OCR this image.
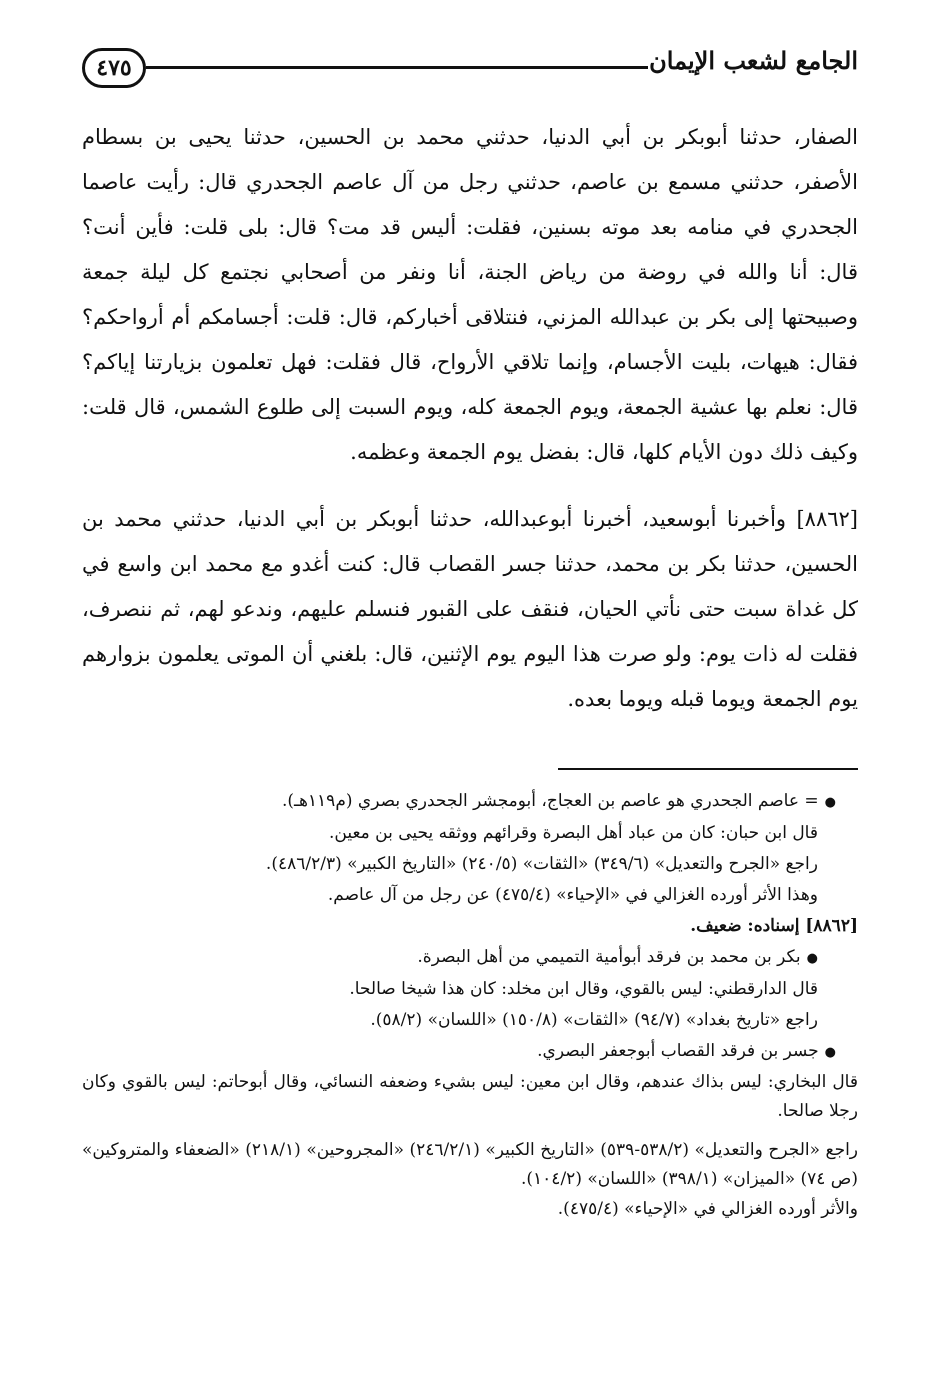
٤٧٥	الجامع لشعب الإيمان

الصفار، حدثنا أبوبكر بن أبي الدنيا، حدثني محمد بن الحسين، حدثنا يحيى بن بسطام الأصفر، حدثني مسمع بن عاصم، حدثني رجل من آل عاصم الجحدري قال: رأيت عاصما الجحدري في منامه بعد موته بسنين، فقلت: أليس قد مت؟ قال: بلى قلت: فأين أنت؟ قال: أنا والله في روضة من رياض الجنة، أنا ونفر من أصحابي نجتمع كل ليلة جمعة وصبيحتها إلى بكر بن عبدالله المزني، فنتلاقى أخباركم، قال: قلت: أجسامكم أم أرواحكم؟ فقال: هيهات، بليت الأجسام، وإنما تلاقي الأرواح، قال فقلت: فهل تعلمون بزيارتنا إياكم؟ قال: نعلم بها عشية الجمعة، ويوم الجمعة كله، ويوم السبت إلى طلوع الشمس، قال قلت: وكيف ذلك دون الأيام كلها، قال: بفضل يوم الجمعة وعظمه.

[٨٨٦٢] وأخبرنا أبوسعيد، أخبرنا أبوعبدالله، حدثنا أبوبكر بن أبي الدنيا، حدثني محمد بن الحسين، حدثنا بكر بن محمد، حدثنا جسر القصاب قال: كنت أغدو مع محمد ابن واسع في كل غداة سبت حتى نأتي الحيان، فنقف على القبور فنسلم عليهم، وندعو لهم، ثم ننصرف، فقلت له ذات يوم: ولو صرت هذا اليوم يوم الإثنين، قال: بلغني أن الموتى يعلمون بزوارهم يوم الجمعة ويوما قبله ويوما بعده.

●= عاصم الجحدري هو عاصم بن العجاج، أبومجشر الجحدري بصري (م١١٩هـ).
قال ابن حبان: كان من عباد أهل البصرة وقرائهم ووثقه يحيى بن معين.
راجع «الجرح والتعديل» (٣٤٩/٦) «الثقات» (٢٤٠/٥) «التاريخ الكبير» (٤٨٦/٢/٣).
وهذا الأثر أورده الغزالي في «الإحياء» (٤٧٥/٤) عن رجل من آل عاصم.
[٨٨٦٢] إسناده: ضعيف.
●بكر بن محمد بن فرقد أبوأمية التميمي من أهل البصرة.
قال الدارقطني: ليس بالقوي، وقال ابن مخلد: كان هذا شيخا صالحا.
راجع «تاريخ بغداد» (٩٤/٧) «الثقات» (١٥٠/٨) «اللسان» (٥٨/٢).
●جسر بن فرقد القصاب أبوجعفر البصري.
قال البخاري: ليس بذاك عندهم، وقال ابن معين: ليس بشيء وضعفه النسائي، وقال أبوحاتم: ليس بالقوي وكان رجلا صالحا.
راجع «الجرح والتعديل» (٥٣٨/٢-٥٣٩) «التاريخ الكبير» (٢٤٦/٢/١) «المجروحين» (٢١٨/١) «الضعفاء والمتروكين» (ص ٧٤) «الميزان» (٣٩٨/١) «اللسان» (١٠٤/٢).
والأثر أورده الغزالي في «الإحياء» (٤٧٥/٤).
